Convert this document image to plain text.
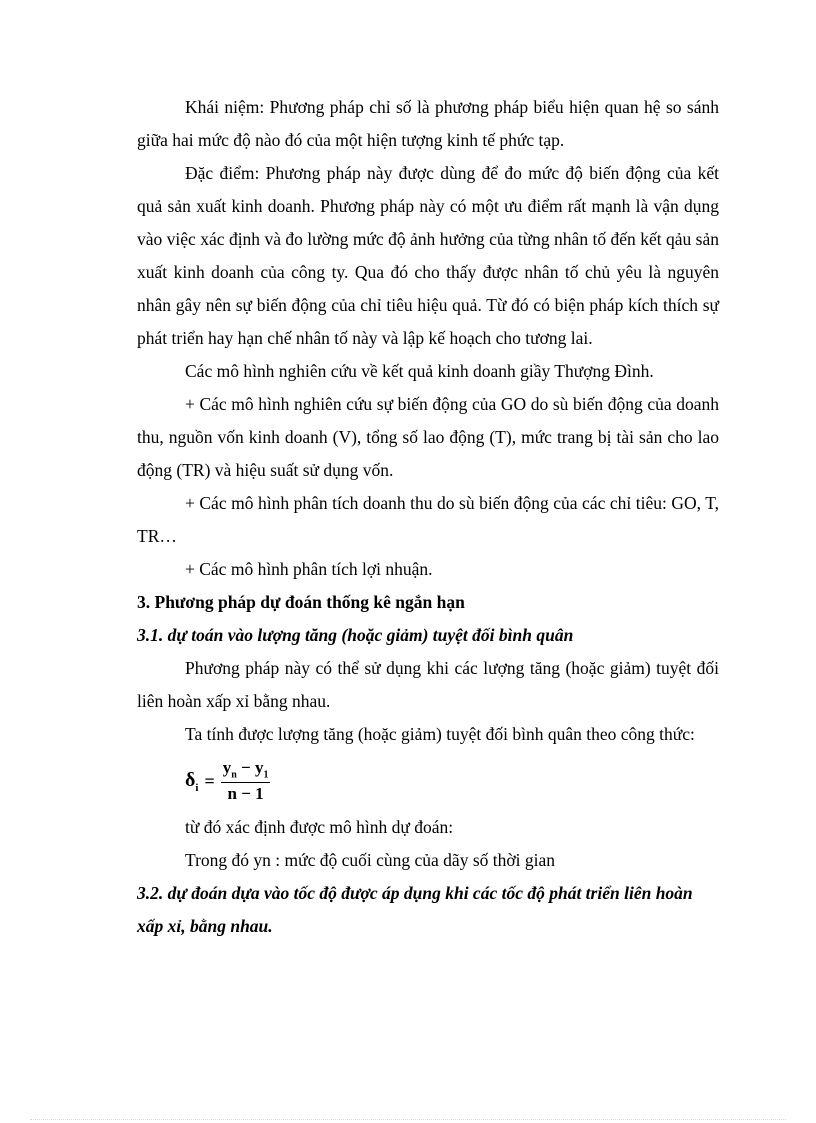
Khái niệm: Phương pháp chỉ số là phương pháp biểu hiện quan hệ so sánh giữa hai mức độ nào đó của một hiện tượng kinh tế phức tạp.

Đặc điểm: Phương pháp này được dùng để đo mức độ biến động của kết quả sản xuất kinh doanh. Phương pháp này có một ưu điểm rất mạnh là vận dụng vào việc xác định và đo lường mức độ ảnh hưởng của từng nhân tố đến kết qảu sản xuất kinh doanh của công ty. Qua đó cho thấy được nhân tố chủ yêu là nguyên nhân gây nên sự biến động của chỉ tiêu hiệu quả. Từ đó có biện pháp kích thích sự phát triển hay hạn chế nhân tố này và lập kế hoạch cho tương lai.

Các mô hình nghiên cứu về kết quả kinh doanh giầy Thượng Đình.

+ Các mô hình nghiên cứu sự biến động của GO do sù biến động của doanh thu, nguồn vốn kinh doanh (V), tổng số lao động (T), mức trang bị tài sản cho lao động (TR) và hiệu suất sử dụng vốn.

+ Các mô hình phân tích doanh thu do sù biến động của các chỉ tiêu: GO, T, TR…

+ Các mô hình phân tích lợi nhuận.

3. Phương pháp dự đoán thống kê ngắn hạn

3.1. dự toán vào lượng tăng (hoặc giảm) tuyệt đối bình quân

Phương pháp này có thể sử dụng khi các lượng tăng (hoặc giảm) tuyệt đối liên hoàn xấp xỉ bằng nhau.

Ta tính được lượng tăng (hoặc giảm) tuyệt đối bình quân theo công thức:

$\delta_i = \frac{y_n - y_1}{n - 1}$

từ đó xác định được mô hình dự đoán:

Trong đó yn : mức độ cuối cùng của dãy số thời gian

3.2. dự đoán dựa vào tốc độ được áp dụng khi các tốc độ phát triển liên hoàn xấp xỉ, bằng nhau.
